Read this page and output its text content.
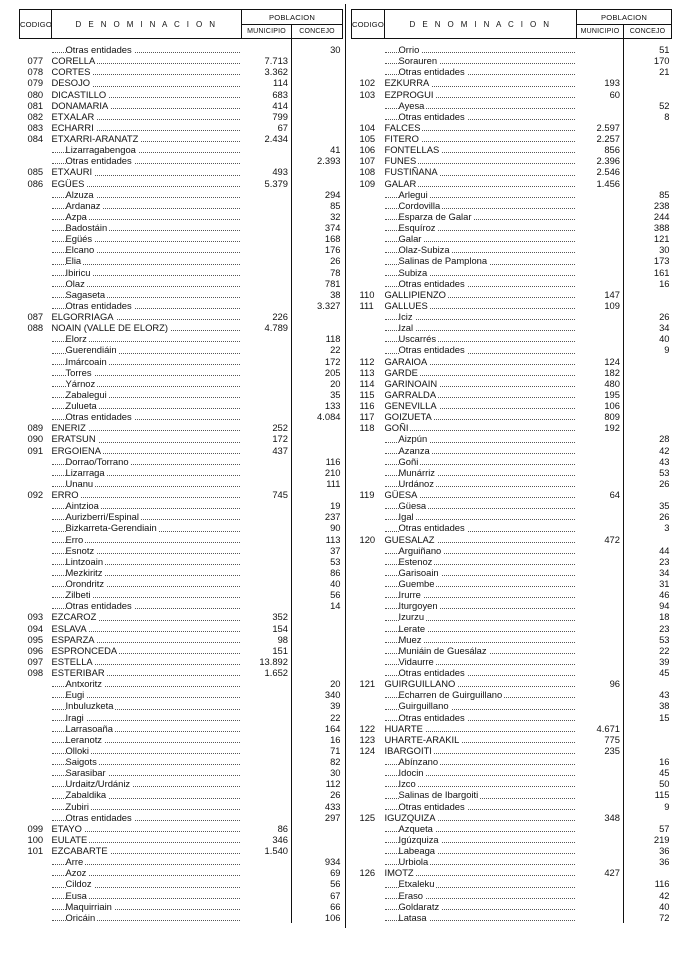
CODIGO	D E N O M I N A C I O N	POBLACION	
		MUNICIPIO	CONCEJO

Otras entidades		30
077	CORELLA	7.713	
078	CORTES	3.362	
079	DESOJO	114	
080	DICASTILLO	683	
081	DONAMARIA	414	
082	ETXALAR	799	
083	ECHARRI	67	
084	ETXARRI-ARANATZ	2.434	

Lizarragabengoa		41

Otras entidades		2.393
085	ETXAURI	493	
086	EGÜES	5.379	

Alzuza		294

Ardanaz		85

Azpa		32

Badostáin		374

Egüés		168

Elcano		176

Elia		26

Ibiricu		78

Olaz		781

Sagaseta		38

Otras entidades		3.327
087	ELGORRIAGA	226	
088	NOAIN (VALLE DE ELORZ)	4.789	

Elorz		118

Guerendiáin		22

Imárcoain		172

Torres		205

Yárnoz		20

Zabalegui		35

Zulueta		133

Otras entidades		4.084
089	ENERIZ	252	
090	ERATSUN	172	
091	ERGOIENA	437	

Dorrao/Torrano		116

Lizarraga		210

Unanu		111
092	ERRO	745	

Aintzioa		19

Aurizberri/Espinal		237

Bizkarreta-Gerendiain		90

Erro		113

Esnotz		37

Lintzoain		53

Mezkiritz		86

Orondritz		40

Zilbeti		56

Otras entidades		14
093	EZCAROZ	352	
094	ESLAVA	154	
095	ESPARZA	98	
096	ESPRONCEDA	151	
097	ESTELLA	13.892	
098	ESTERIBAR	1.652	

Antxoritz		20

Eugi		340

Inbuluzketa		39

Iragi		22

Larrasoaña		164

Leranotz		16

Olloki		71

Saigots		82

Sarasibar		30

Urdaitz/Urdániz		112

Zabaldika		26

Zubiri		433

Otras entidades		297
099	ETAYO	86	
100	EULATE	346	
101	EZCABARTE	1.540	

Arre		934

Azoz		69

Cildoz		56

Eusa		67

Maquirriain		66

Oricáin		106
CODIGO	D E N O M I N A C I O N	POBLACION	
		MUNICIPIO	CONCEJO

Orrio		51

Sorauren		170

Otras entidades		21
102	EZKURRA	193	
103	EZPROGUI	60	

Ayesa		52

Otras entidades		8
104	FALCES	2.597	
105	FITERO	2.257	
106	FONTELLAS	856	
107	FUNES	2.396	
108	FUSTIÑANA	2.546	
109	GALAR	1.456	

Arlegui		85

Cordovilla		238

Esparza de Galar		244

Esquíroz		388

Galar		121

Olaz-Subiza		30

Salinas de Pamplona		173

Subiza		161

Otras entidades		16
110	GALLIPIENZO	147	
111	GALLUES	109	

Iciz		26

Izal		34

Uscarrés		40

Otras entidades		9
112	GARAIOA	124	
113	GARDE	182	
114	GARINOAIN	480	
115	GARRALDA	195	
116	GENEVILLA	106	
117	GOIZUETA	809	
118	GOÑI	192	

Aizpún		28

Azanza		42

Goñi		43

Munárriz		53

Urdánoz		26
119	GÜESA	64	

Güesa		35

Igal		26

Otras entidades		3
120	GUESALAZ	472	

Arguiñano		44

Estenoz		23

Garisoain		34

Guembe		31

Irurre		46

Iturgoyen		94

Izurzu		18

Lerate		23

Muez		53

Muniáin de Guesálaz		22

Vidaurre		39

Otras entidades		45
121	GUIRGUILLANO	96	

Echarren de Guirguillano		43

Guirguillano		38

Otras entidades		15
122	HUARTE	4.671	
123	UHARTE-ARAKIL	775	
124	IBARGOITI	235	

Abínzano		16

Idocin		45

Izco		50

Salinas de Ibargoiti		115

Otras entidades		9
125	IGUZQUIZA	348	

Azqueta		57

Igúzquiza		219

Labeaga		36

Urbiola		36
126	IMOTZ	427	

Etxaleku		116

Eraso		42

Goldaratz		40

Latasa		72
